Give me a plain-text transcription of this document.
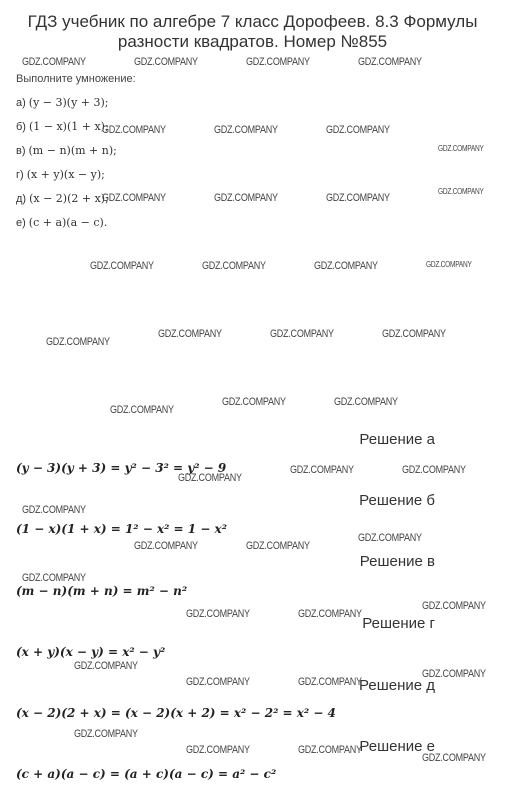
ГДЗ учебник по алгебре 7 класс Дорофеев. 8.3 Формулы разности квадратов. Номер №855
Выполните умножение:
а) (y − 3)(y + 3);
б) (1 − x)(1 + x);
в) (m − n)(m + n);
г) (x + y)(x − y);
д) (x − 2)(2 + x);
е) (c + a)(a − c).
Решение а
(y − 3)(y + 3) = y² − 3² = y² − 9
Решение б
(1 − x)(1 + x) = 1² − x² = 1 − x²
Решение в
(m − n)(m + n) = m² − n²
Решение г
(x + y)(x − y) = x² − y²
Решение д
(x − 2)(2 + x) = (x − 2)(x + 2) = x² − 2² = x² − 4
Решение е
(c + a)(a − c) = (a + c)(a − c) = a² − c²
GDZ.COMPANY	GDZ.COMPANY	GDZ.COMPANY	GDZ.COMPANY
GDZ.COMPANY	GDZ.COMPANY	GDZ.COMPANY
GDZ.COMPANY
GDZ.COMPANY
GDZ.COMPANY	GDZ.COMPANY	GDZ.COMPANY
GDZ.COMPANY	GDZ.COMPANY	GDZ.COMPANY	GDZ.COMPANY
GDZ.COMPANY	GDZ.COMPANY	GDZ.COMPANY
GDZ.COMPANY
GDZ.COMPANY	GDZ.COMPANY
GDZ.COMPANY
GDZ.COMPANY	GDZ.COMPANY
GDZ.COMPANY
GDZ.COMPANY
GDZ.COMPANY
GDZ.COMPANY	GDZ.COMPANY
GDZ.COMPANY
GDZ.COMPANY
GDZ.COMPANY	GDZ.COMPANY
GDZ.COMPANY
GDZ.COMPANY
GDZ.COMPANY	GDZ.COMPANY
GDZ.COMPANY
GDZ.COMPANY	GDZ.COMPANY
GDZ.COMPANY
